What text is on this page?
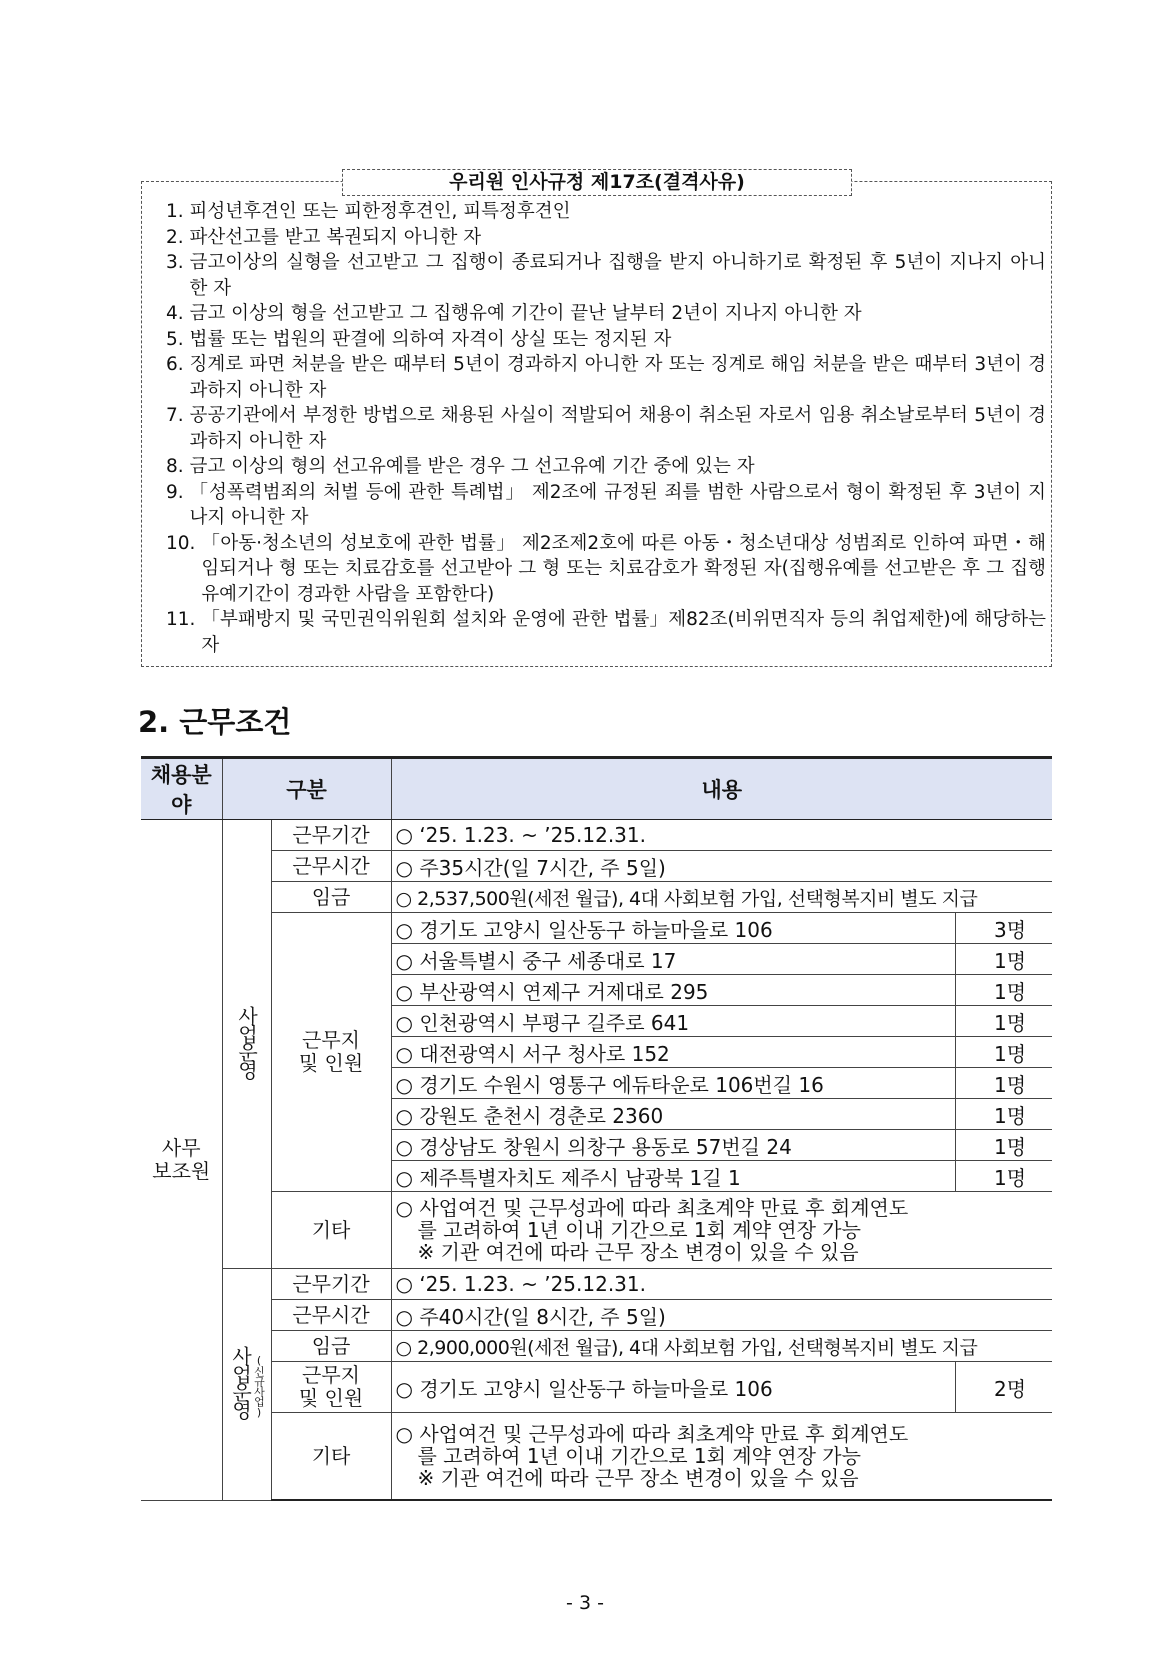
우리원 인사규정 제17조(결격사유)
1. 피성년후견인 또는 피한정후견인, 피특정후견인
2. 파산선고를 받고 복권되지 아니한 자
3. 금고이상의 실형을 선고받고 그 집행이 종료되거나 집행을 받지 아니하기로 확정된 후 5년이 지나지 아니한 자
4. 금고 이상의 형을 선고받고 그 집행유예 기간이 끝난 날부터 2년이 지나지 아니한 자
5. 법률 또는 법원의 판결에 의하여 자격이 상실 또는 정지된 자
6. 징계로 파면 처분을 받은 때부터 5년이 경과하지 아니한 자 또는 징계로 해임 처분을 받은 때부터 3년이 경과하지 아니한 자
7. 공공기관에서 부정한 방법으로 채용된 사실이 적발되어 채용이 취소된 자로서 임용 취소날로부터 5년이 경과하지 아니한 자
8. 금고 이상의 형의 선고유예를 받은 경우 그 선고유예 기간 중에 있는 자
9. 「성폭력범죄의 처벌 등에 관한 특례법」 제2조에 규정된 죄를 범한 사람으로서 형이 확정된 후 3년이 지나지 아니한 자
10. 「아동·청소년의 성보호에 관한 법률」 제2조제2호에 따른 아동・청소년대상 성범죄로 인하여 파면・해임되거나 형 또는 치료감호를 선고받아 그 형 또는 치료감호가 확정된 자(집행유예를 선고받은 후 그 집행유예기간이 경과한 사람을 포함한다)
11. 「부패방지 및 국민권익위원회 설치와 운영에 관한 법률」제82조(비위면직자 등의 취업제한)에 해당하는 자
2. 근무조건
채용분야	구분		내용	
사무
보조원	사업운영	근무기간	○ ‘25. 1.23. ~ ’25.12.31.	
		근무시간	○ 주35시간(일 7시간, 주 5일)	
		임금	○ 2,537,500원(세전 월급), 4대 사회보험 가입, 선택형복지비 별도 지급	
		근무지
및 인원	○ 경기도 고양시 일산동구 하늘마을로 106	3명
			○ 서울특별시 중구 세종대로 17	1명
			○ 부산광역시 연제구 거제대로 295	1명
			○ 인천광역시 부평구 길주로 641	1명
			○ 대전광역시 서구 청사로 152	1명
			○ 경기도 수원시 영통구 에듀타운로 106번길 16	1명
			○ 강원도 춘천시 경춘로 2360	1명
			○ 경상남도 창원시 의창구 용동로 57번길 24	1명
			○ 제주특별자치도 제주시 남광북 1길 1	1명
		기타	○ 사업여건 및 근무성과에 따라 최초계약 만료 후 회계연도
를 고려하여 1년 이내 기간으로 1회 계약 연장 가능
※ 기관 여건에 따라 근무 장소 변경이 있을 수 있음	

	사업운영(신규사업)	근무기간	○ ‘25. 1.23. ~ ’25.12.31.	
		근무시간	○ 주40시간(일 8시간, 주 5일)	
		임금	○ 2,900,000원(세전 월급), 4대 사회보험 가입, 선택형복지비 별도 지급	
		근무지
및 인원	○ 경기도 고양시 일산동구 하늘마을로 106	2명
		기타	○ 사업여건 및 근무성과에 따라 최초계약 만료 후 회계연도
를 고려하여 1년 이내 기간으로 1회 계약 연장 가능
※ 기관 여건에 따라 근무 장소 변경이 있을 수 있음	
- 3 -
